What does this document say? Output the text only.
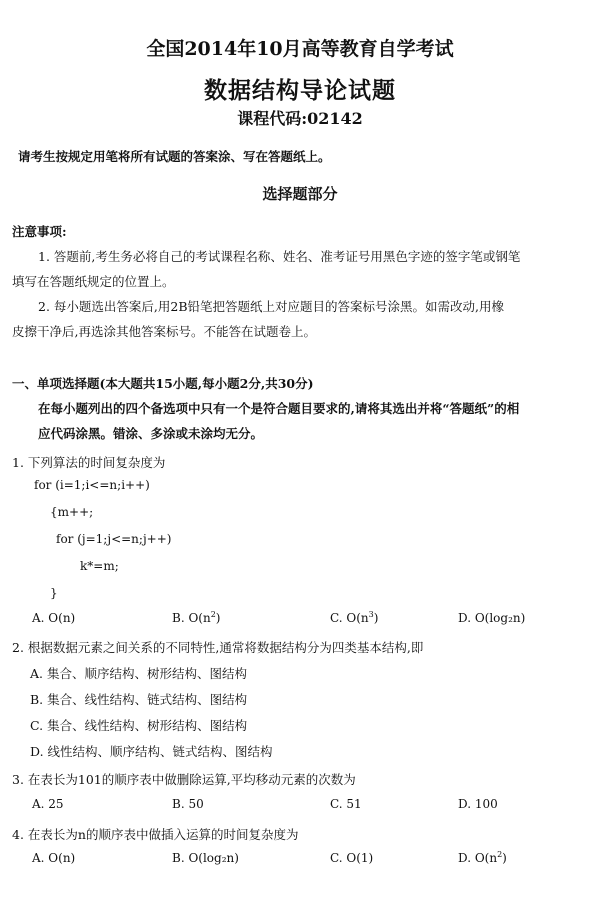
全国2014年10月高等教育自学考试
数据结构导论试题
课程代码:02142
请考生按规定用笔将所有试题的答案涂、写在答题纸上。
选择题部分
注意事项:
1. 答题前,考生务必将自己的考试课程名称、姓名、准考证号用黑色字迹的签字笔或钢笔
填写在答题纸规定的位置上。
2. 每小题选出答案后,用2B铅笔把答题纸上对应题目的答案标号涂黑。如需改动,用橡
皮擦干净后,再选涂其他答案标号。不能答在试题卷上。
一、单项选择题(本大题共15小题,每小题2分,共30分)
在每小题列出的四个备选项中只有一个是符合题目要求的,请将其选出并将“答题纸”的相
应代码涂黑。错涂、多涂或未涂均无分。
1. 下列算法的时间复杂度为
for (i=1;i<=n;i++)
{m++;
for (j=1;j<=n;j++)
k*=m;
}
A. O(n)	B. $O(n^2)$	C. $O(n^3)$	D. O(log₂n)
2. 根据数据元素之间关系的不同特性,通常将数据结构分为四类基本结构,即
A. 集合、顺序结构、树形结构、图结构
B. 集合、线性结构、链式结构、图结构
C. 集合、线性结构、树形结构、图结构
D. 线性结构、顺序结构、链式结构、图结构
3. 在表长为101的顺序表中做删除运算,平均移动元素的次数为
A. 25	B. 50	C. 51	D. 100
4. 在表长为n的顺序表中做插入运算的时间复杂度为
A. O(n)	B. O(log₂n)	C. O(1)	D. $O(n^2)$
